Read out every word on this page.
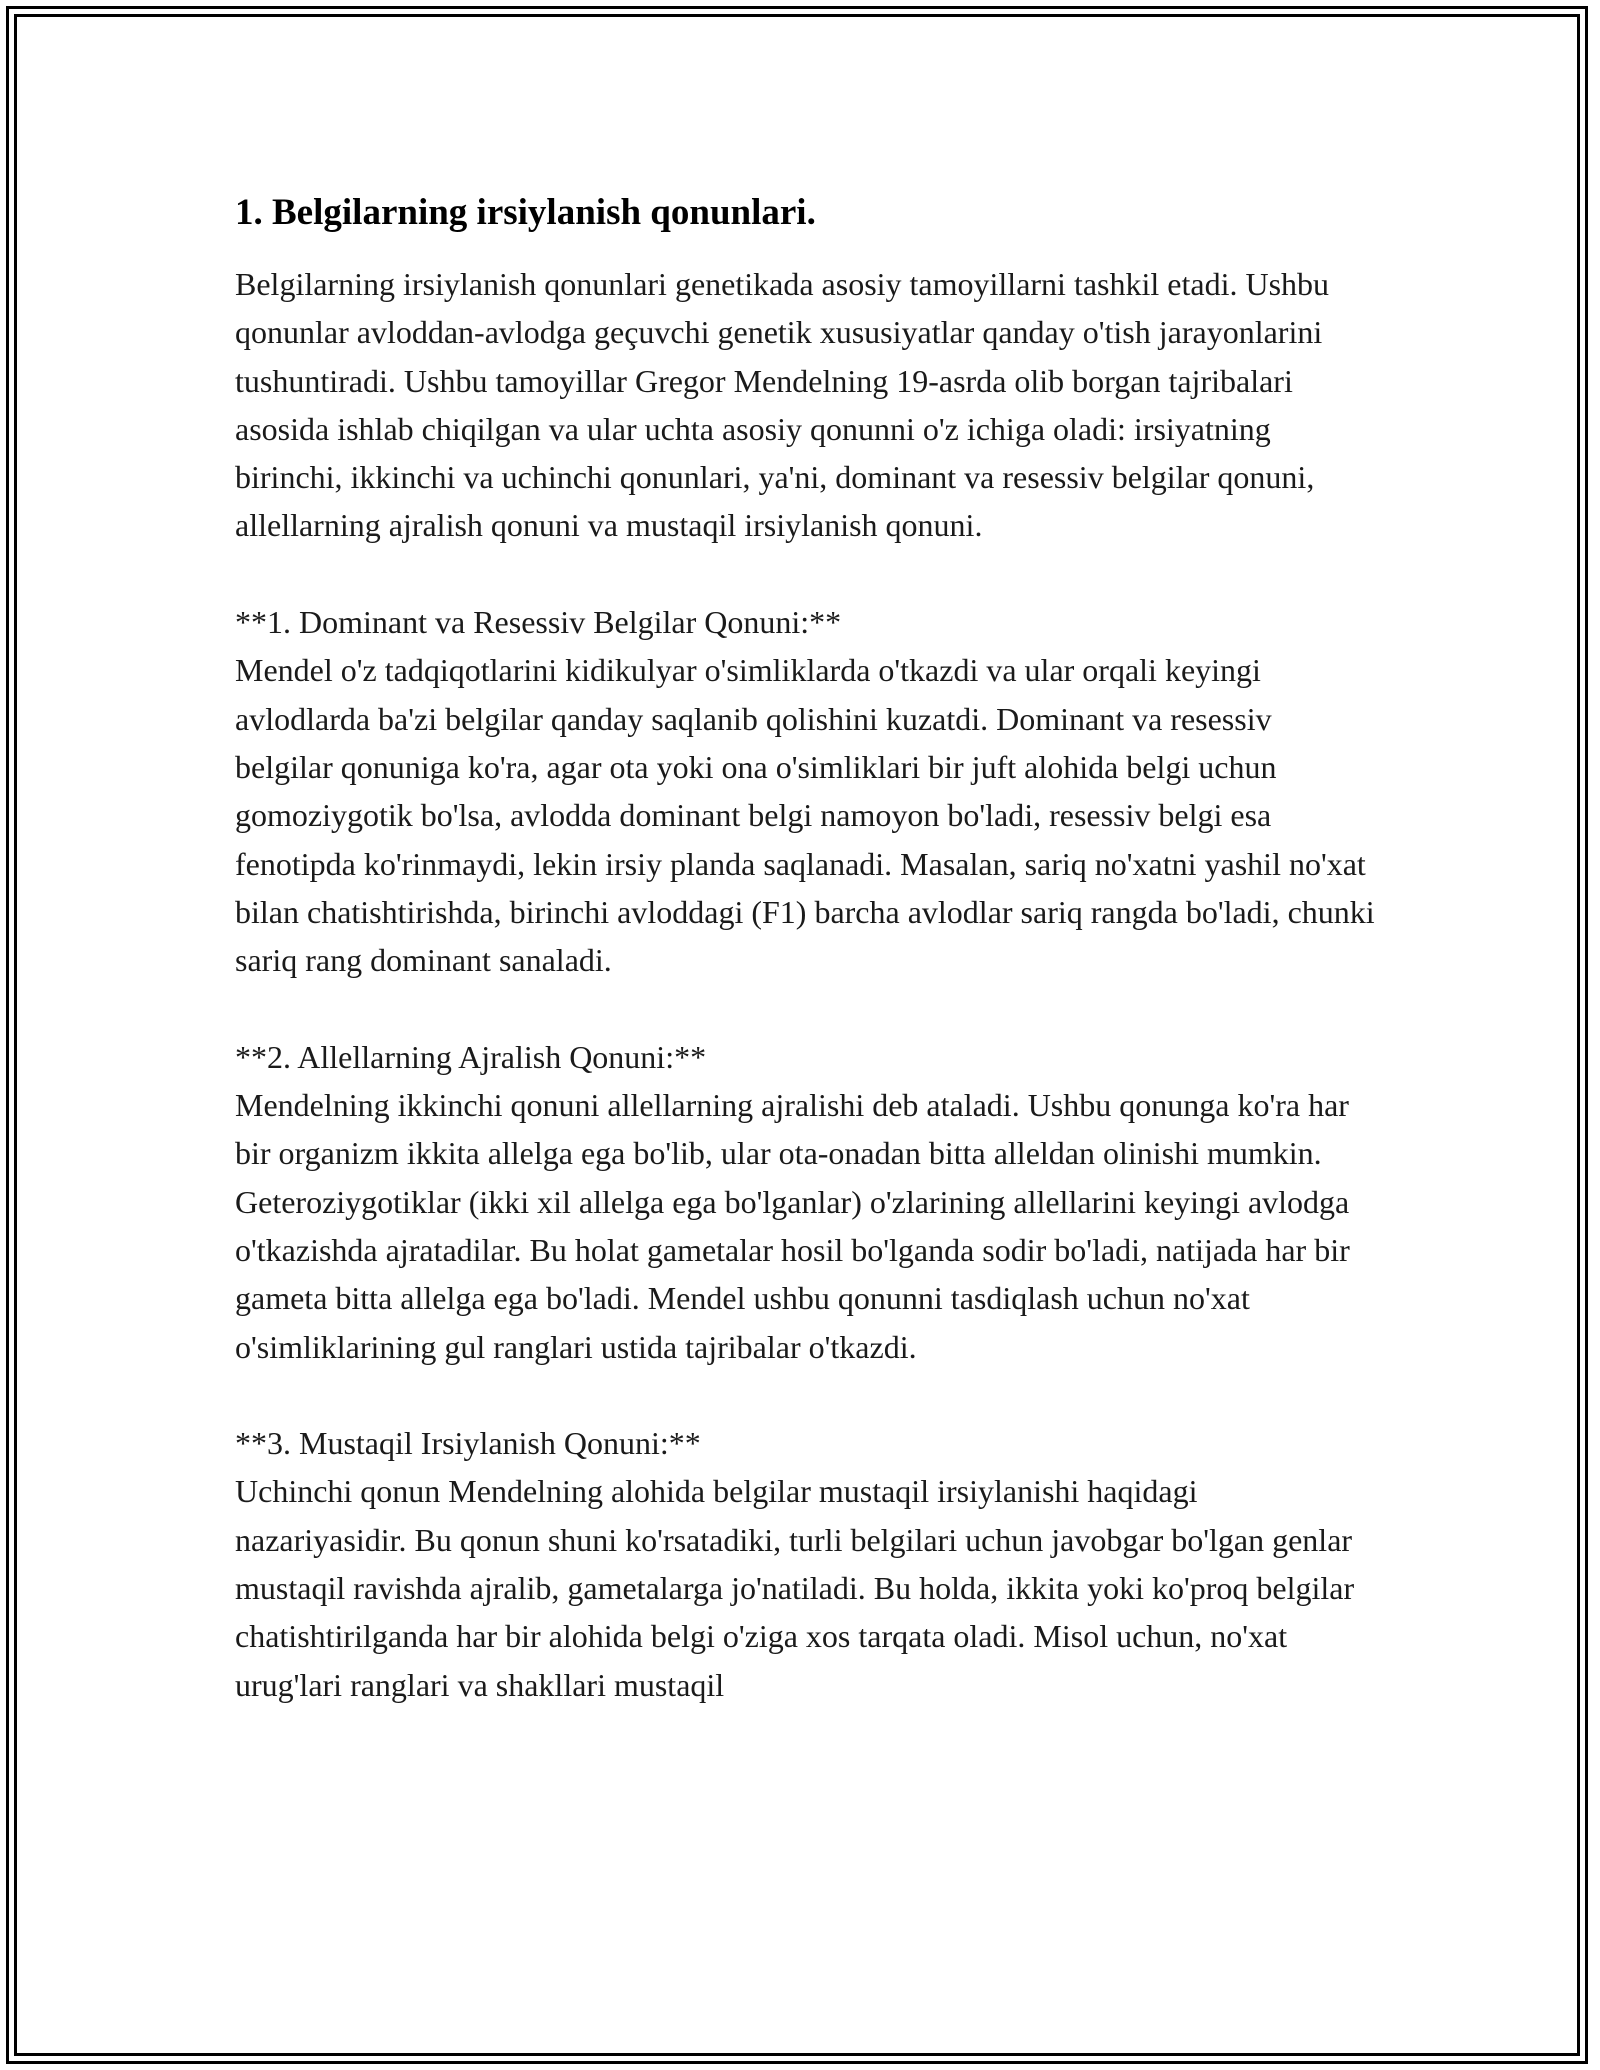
1. Belgilarning irsiylanish qonunlari.

Belgilarning irsiylanish qonunlari genetikada asosiy tamoyillarni tashkil etadi. Ushbu qonunlar avloddan-avlodga geçuvchi genetik xususiyatlar qanday o'tish jarayonlarini tushuntiradi. Ushbu tamoyillar Gregor Mendelning 19-asrda olib borgan tajribalari asosida ishlab chiqilgan va ular uchta asosiy qonunni o'z ichiga oladi: irsiyatning birinchi, ikkinchi va uchinchi qonunlari, ya'ni, dominant va resessiv belgilar qonuni, allellarning ajralish qonuni va mustaqil irsiylanish qonuni.

**1. Dominant va Resessiv Belgilar Qonuni:**

Mendel o'z tadqiqotlarini kidikulyar o'simliklarda o'tkazdi va ular orqali keyingi avlodlarda ba'zi belgilar qanday saqlanib qolishini kuzatdi. Dominant va resessiv belgilar qonuniga ko'ra, agar ota yoki ona o'simliklari bir juft alohida belgi uchun gomoziygotik bo'lsa, avlodda dominant belgi namoyon bo'ladi, resessiv belgi esa fenotipda ko'rinmaydi, lekin irsiy planda saqlanadi. Masalan, sariq no'xatni yashil no'xat bilan chatishtirishda, birinchi avloddagi (F1) barcha avlodlar sariq rangda bo'ladi, chunki sariq rang dominant sanaladi.

**2. Allellarning Ajralish Qonuni:**

Mendelning ikkinchi qonuni allellarning ajralishi deb ataladi. Ushbu qonunga ko'ra har bir organizm ikkita allelga ega bo'lib, ular ota-onadan bitta alleldan olinishi mumkin. Geteroziygotiklar (ikki xil allelga ega bo'lganlar) o'zlarining allellarini keyingi avlodga o'tkazishda ajratadilar. Bu holat gametalar hosil bo'lganda sodir bo'ladi, natijada har bir gameta bitta allelga ega bo'ladi. Mendel ushbu qonunni tasdiqlash uchun no'xat o'simliklarining gul ranglari ustida tajribalar o'tkazdi.

**3. Mustaqil Irsiylanish Qonuni:**

Uchinchi qonun Mendelning alohida belgilar mustaqil irsiylanishi haqidagi nazariyasidir. Bu qonun shuni ko'rsatadiki, turli belgilari uchun javobgar bo'lgan genlar mustaqil ravishda ajralib, gametalarga jo'natiladi. Bu holda, ikkita yoki ko'proq belgilar chatishtirilganda har bir alohida belgi o'ziga xos tarqata oladi. Misol uchun, no'xat urug'lari ranglari va shakllari mustaqil
